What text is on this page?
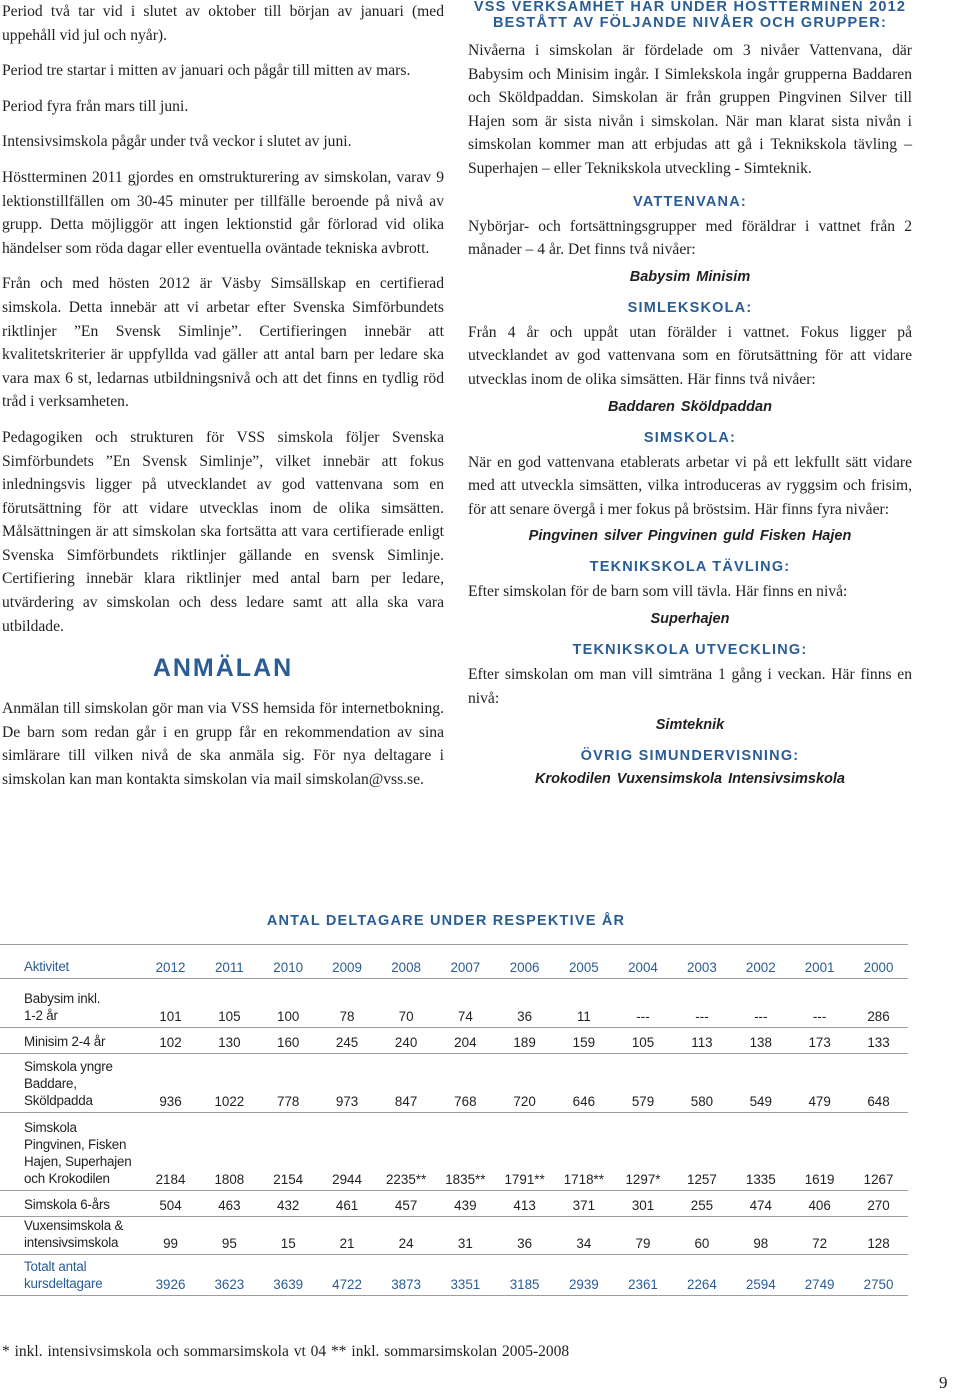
Period två tar vid i slutet av oktober till början av januari (med uppehåll vid jul och nyår).

Period tre startar i mitten av januari och pågår till mitten av mars.

Period fyra från mars till juni.

Intensivsimskola pågår under två veckor i slutet av juni.

Höstterminen 2011 gjordes en omstrukturering av simskolan, varav 9 lektionstillfällen om 30-45 minuter per tillfälle beroende på nivå av grupp. Detta möjliggör att ingen lektionstid går förlorad vid olika händelser som röda dagar eller eventuella oväntade tekniska avbrott.

Från och med hösten 2012 är Väsby Simsällskap en certifierad simskola. Detta innebär att vi arbetar efter Svenska Simförbundets riktlinjer ”En Svensk Simlinje”. Certifieringen innebär att kvalitetskriterier är uppfyllda vad gäller att antal barn per ledare ska vara max 6 st, ledarnas utbildningsnivå och att det finns en tydlig röd tråd i verksamheten.

Pedagogiken och strukturen för VSS simskola följer Svenska Simförbundets ”En Svensk Simlinje”, vilket innebär att fokus inledningsvis ligger på utvecklandet av god vattenvana som en förutsättning för att vidare utvecklas inom de olika simsätten. Målsättningen är att simskolan ska fortsätta att vara certifierade enligt Svenska Simförbundets riktlinjer gällande en svensk Simlinje. Certifiering innebär klara riktlinjer med antal barn per ledare, utvärdering av simskolan och dess ledare samt att alla ska vara utbildade.

ANMÄLAN

Anmälan till simskolan gör man via VSS hemsida för internetbokning. De barn som redan går i en grupp får en rekommendation av sina simlärare till vilken nivå de ska anmäla sig. För nya deltagare i simskolan kan man kontakta simskolan via mail simskolan@vss.se.

VSS VERKSAMHET HAR UNDER HÖSTTERMINEN 2012 BESTÅTT AV FÖLJANDE NIVÅER OCH GRUPPER:

Nivåerna i simskolan är fördelade om 3 nivåer Vattenvana, där Babysim och Minisim ingår. I Simlekskola ingår grupperna Baddaren och Sköldpaddan. Simskolan är från gruppen Pingvinen Silver till Hajen som är sista nivån i simskolan. När man klarat sista nivån i simskolan kommer man att erbjudas att gå i Teknikskola tävling – Superhajen – eller Teknikskola utveckling - Simteknik.

VATTENVANA:

Nybörjar- och fortsättningsgrupper med föräldrar i vattnet från 2 månader – 4 år. Det finns två nivåer:

Babysim Minisim
SIMLEKSKOLA:

Från 4 år och uppåt utan förälder i vattnet. Fokus ligger på utvecklandet av god vattenvana som en förutsättning för att vidare utvecklas inom de olika simsätten. Här finns två nivåer:

Baddaren Sköldpaddan
SIMSKOLA:

När en god vattenvana etablerats arbetar vi på ett lekfullt sätt vidare med att utveckla simsätten, vilka introduceras av ryggsim och frisim, för att senare övergå i mer fokus på bröstsim. Här finns fyra nivåer:

Pingvinen silver Pingvinen guld Fisken Hajen
TEKNIKSKOLA TÄVLING:

Efter simskolan för de barn som vill tävla. Här finns en nivå:

Superhajen
TEKNIKSKOLA UTVECKLING:

Efter simskolan om man vill simträna 1 gång i veckan. Här finns en nivå:

Simteknik
ÖVRIG SIMUNDERVISNING:
Krokodilen Vuxensimskola Intensivsimskola
ANTAL DELTAGARE UNDER RESPEKTIVE ÅR
Aktivitet	2012	2011	2010	2009	2008	2007	2006	2005	2004	2003	2002	2001	2000
Babysim inkl.
1-2 år	101	105	100	78	70	74	36	11	---	---	---	---	286
Minisim 2-4 år	102	130	160	245	240	204	189	159	105	113	138	173	133
Simskola yngre
Baddare,
Sköldpadda	936	1022	778	973	847	768	720	646	579	580	549	479	648
Simskola
Pingvinen, Fisken
Hajen, Superhajen
och Krokodilen	2184	1808	2154	2944	2235**	1835**	1791**	1718**	1297*	1257	1335	1619	1267
Simskola 6-års	504	463	432	461	457	439	413	371	301	255	474	406	270
Vuxensimskola &
intensivsimskola	99	95	15	21	24	31	36	34	79	60	98	72	128
Totalt antal
kursdeltagare	3926	3623	3639	4722	3873	3351	3185	2939	2361	2264	2594	2749	2750
* inkl. intensivsimskola och sommarsimskola vt 04 ** inkl. sommarsimskolan 2005-2008
9
